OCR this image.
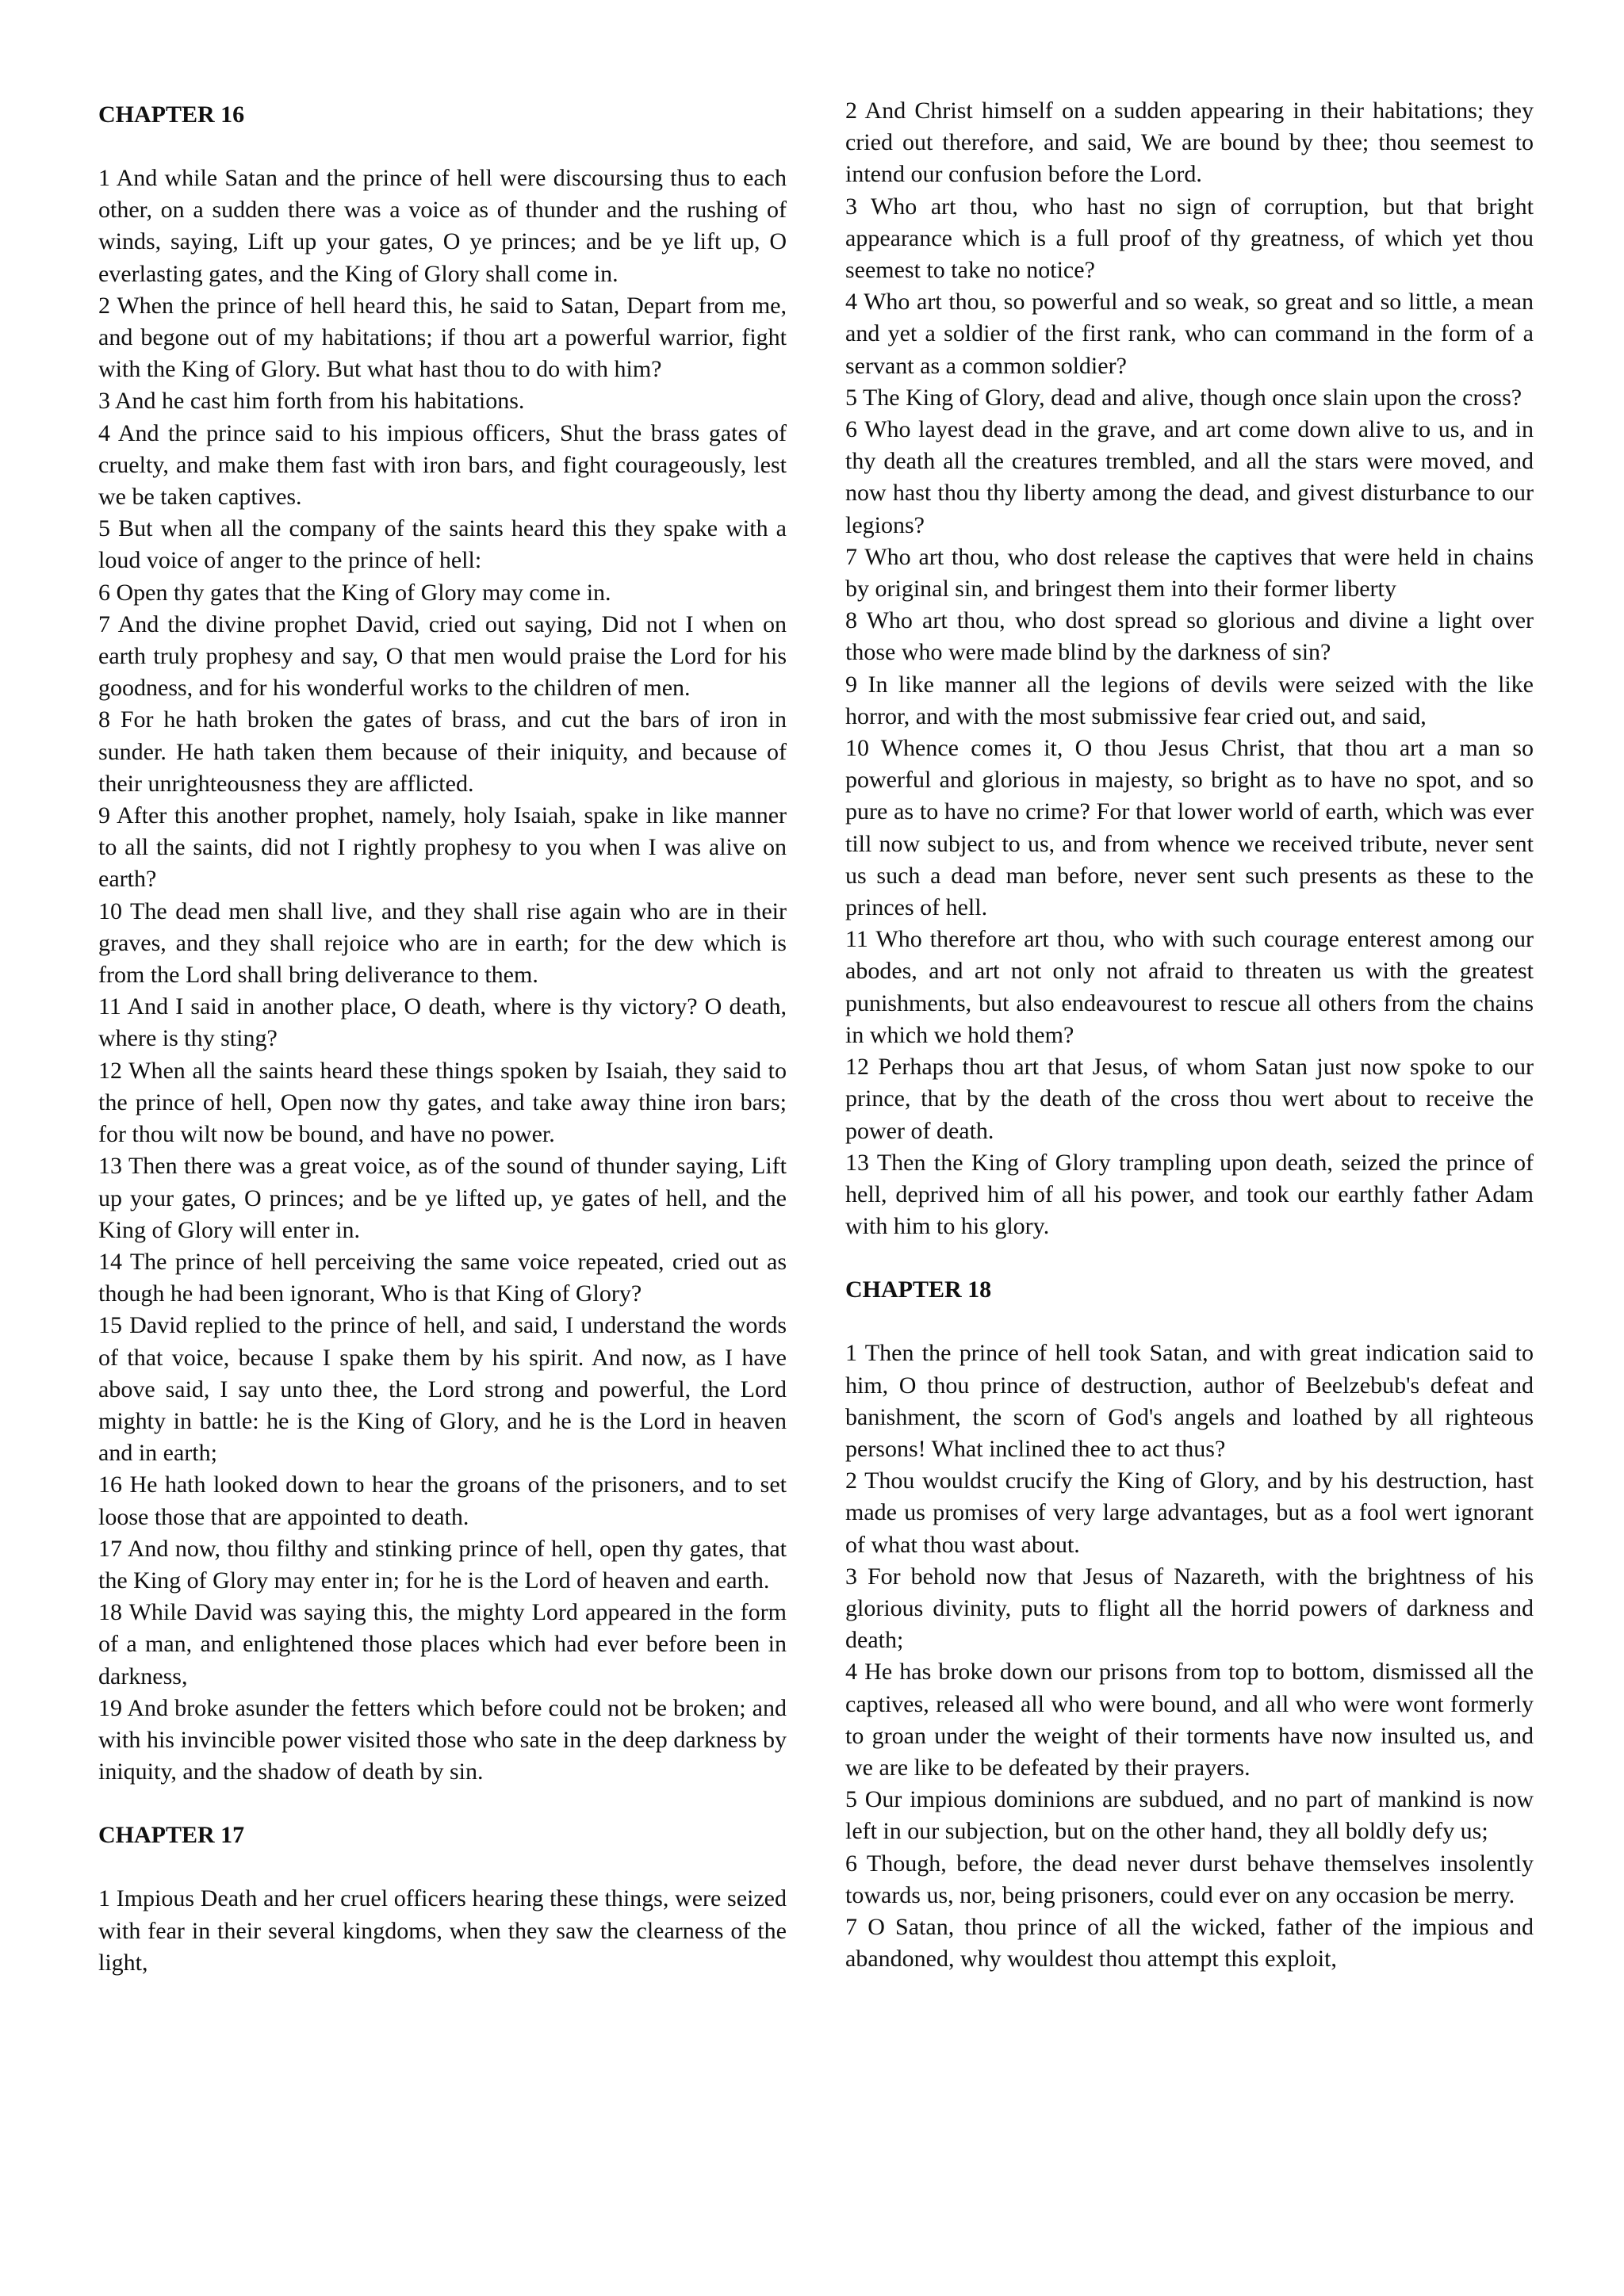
CHAPTER 16

1 And while Satan and the prince of hell were discoursing thus to each other, on a sudden there was a voice as of thunder and the rushing of winds, saying, Lift up your gates, O ye princes; and be ye lift up, O everlasting gates, and the King of Glory shall come in.

2 When the prince of hell heard this, he said to Satan, Depart from me, and begone out of my habitations; if thou art a powerful warrior, fight with the King of Glory. But what hast thou to do with him?

3 And he cast him forth from his habitations.

4 And the prince said to his impious officers, Shut the brass gates of cruelty, and make them fast with iron bars, and fight courageously, lest we be taken captives.

5 But when all the company of the saints heard this they spake with a loud voice of anger to the prince of hell:

6 Open thy gates that the King of Glory may come in.

7 And the divine prophet David, cried out saying, Did not I when on earth truly prophesy and say, O that men would praise the Lord for his goodness, and for his wonderful works to the children of men.

8 For he hath broken the gates of brass, and cut the bars of iron in sunder. He hath taken them because of their iniquity, and because of their unrighteousness they are afflicted.

9 After this another prophet, namely, holy Isaiah, spake in like manner to all the saints, did not I rightly prophesy to you when I was alive on earth?

10 The dead men shall live, and they shall rise again who are in their graves, and they shall rejoice who are in earth; for the dew which is from the Lord shall bring deliverance to them.

11 And I said in another place, O death, where is thy victory? O death, where is thy sting?

12 When all the saints heard these things spoken by Isaiah, they said to the prince of hell, Open now thy gates, and take away thine iron bars; for thou wilt now be bound, and have no power.

13 Then there was a great voice, as of the sound of thunder saying, Lift up your gates, O princes; and be ye lifted up, ye gates of hell, and the King of Glory will enter in.

14 The prince of hell perceiving the same voice repeated, cried out as though he had been ignorant, Who is that King of Glory?

15 David replied to the prince of hell, and said, I understand the words of that voice, because I spake them by his spirit. And now, as I have above said, I say unto thee, the Lord strong and powerful, the Lord mighty in battle: he is the King of Glory, and he is the Lord in heaven and in earth;

16 He hath looked down to hear the groans of the prisoners, and to set loose those that are appointed to death.

17 And now, thou filthy and stinking prince of hell, open thy gates, that the King of Glory may enter in; for he is the Lord of heaven and earth.

18 While David was saying this, the mighty Lord appeared in the form of a man, and enlightened those places which had ever before been in darkness,

19 And broke asunder the fetters which before could not be broken; and with his invincible power visited those who sate in the deep darkness by iniquity, and the shadow of death by sin.

CHAPTER 17

1 Impious Death and her cruel officers hearing these things, were seized with fear in their several kingdoms, when they saw the clearness of the light,

2 And Christ himself on a sudden appearing in their habitations; they cried out therefore, and said, We are bound by thee; thou seemest to intend our confusion before the Lord.

3 Who art thou, who hast no sign of corruption, but that bright appearance which is a full proof of thy greatness, of which yet thou seemest to take no notice?

4 Who art thou, so powerful and so weak, so great and so little, a mean and yet a soldier of the first rank, who can command in the form of a servant as a common soldier?

5 The King of Glory, dead and alive, though once slain upon the cross?

6 Who layest dead in the grave, and art come down alive to us, and in thy death all the creatures trembled, and all the stars were moved, and now hast thou thy liberty among the dead, and givest disturbance to our legions?

7 Who art thou, who dost release the captives that were held in chains by original sin, and bringest them into their former liberty

8 Who art thou, who dost spread so glorious and divine a light over those who were made blind by the darkness of sin?

9 In like manner all the legions of devils were seized with the like horror, and with the most submissive fear cried out, and said,

10 Whence comes it, O thou Jesus Christ, that thou art a man so powerful and glorious in majesty, so bright as to have no spot, and so pure as to have no crime? For that lower world of earth, which was ever till now subject to us, and from whence we received tribute, never sent us such a dead man before, never sent such presents as these to the princes of hell.

11 Who therefore art thou, who with such courage enterest among our abodes, and art not only not afraid to threaten us with the greatest punishments, but also endeavourest to rescue all others from the chains in which we hold them?

12 Perhaps thou art that Jesus, of whom Satan just now spoke to our prince, that by the death of the cross thou wert about to receive the power of death.

13 Then the King of Glory trampling upon death, seized the prince of hell, deprived him of all his power, and took our earthly father Adam with him to his glory.

CHAPTER 18

1 Then the prince of hell took Satan, and with great indication said to him, O thou prince of destruction, author of Beelzebub's defeat and banishment, the scorn of God's angels and loathed by all righteous persons! What inclined thee to act thus?

2 Thou wouldst crucify the King of Glory, and by his destruction, hast made us promises of very large advantages, but as a fool wert ignorant of what thou wast about.

3 For behold now that Jesus of Nazareth, with the brightness of his glorious divinity, puts to flight all the horrid powers of darkness and death;

4 He has broke down our prisons from top to bottom, dismissed all the captives, released all who were bound, and all who were wont formerly to groan under the weight of their torments have now insulted us, and we are like to be defeated by their prayers.

5 Our impious dominions are subdued, and no part of mankind is now left in our subjection, but on the other hand, they all boldly defy us;

6 Though, before, the dead never durst behave themselves insolently towards us, nor, being prisoners, could ever on any occasion be merry.

7 O Satan, thou prince of all the wicked, father of the impious and abandoned, why wouldest thou attempt this exploit,
